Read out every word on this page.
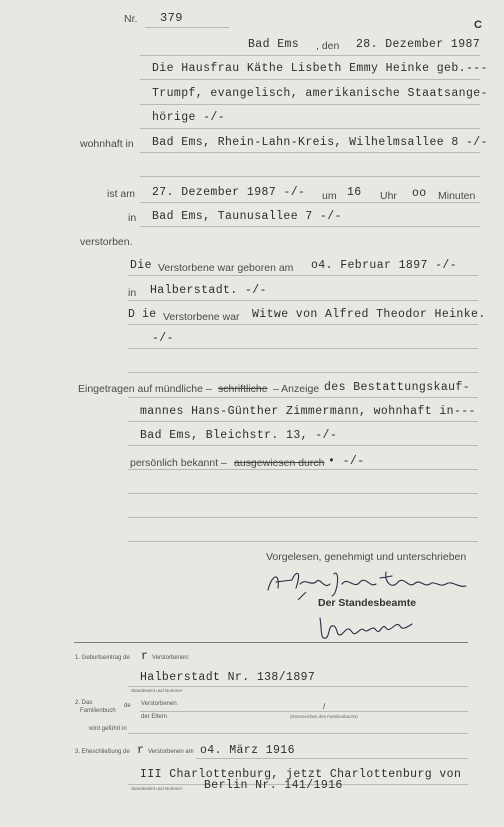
Nr. 379	C
Bad Ems , den 28. Dezember 1987
Die Hausfrau Käthe Lisbeth Emmy Heinke geb.---
Trumpf, evangelisch, amerikanische Staatsange-
hörige -/-
wohnhaft in Bad Ems, Rhein-Lahn-Kreis, Wilhelmsallee 8 -/-
ist am 27. Dezember 1987 -/- um 16 Uhr oo Minuten
in Bad Ems, Taunusallee 7 -/-
verstorben.
Die Verstorbene war geboren am o4. Februar 1897 -/-
in Halberstadt. -/-
D ie Verstorbene war Witwe von Alfred Theodor Heinke.
-/-
Eingetragen auf mündliche – schriftliche – Anzeige des Bestattungskauf-
mannes Hans-Günther Zimmermann, wohnhaft in---
Bad Ems, Bleichstr. 13, -/-
persönlich bekannt – ausgewiesen durch • -/-
Vorgelesen, genehmigt und unterschrieben
Der Standesbeamte
1. Geburtseintrag de r Verstorbenen:
Halberstadt Nr. 138/1897
Standesamt und Nummer
2. Das
Familienbuch
de Verstorbenen	/
der Eltern	(Kennzeichen des Familienbuchs)
wird geführt in
3. Eheschließung de r Verstorbenen am o4. März 1916
III Charlottenburg, jetzt Charlottenburg von
Standesamt und Nummer Berlin Nr. 141/1916
